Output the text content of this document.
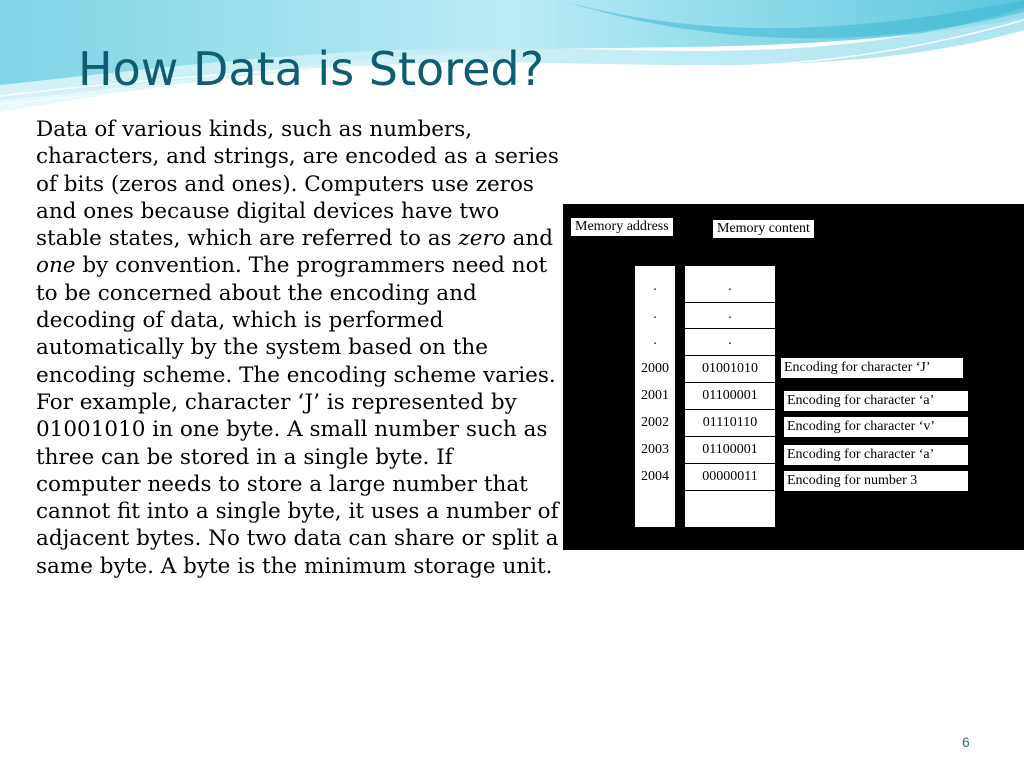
How Data is Stored?

Data of various kinds, such as numbers, characters, and strings, are encoded as a series of bits (zeros and ones). Computers use zeros and ones because digital devices have two stable states, which are referred to as zero and one by convention. The programmers need not to be concerned about the encoding and decoding of data, which is performed automatically by the system based on the encoding scheme. The encoding scheme varies. For example, character ‘J’ is represented by 01001010 in one byte. A small number such as three can be stored in a single byte. If computer needs to store a large number that cannot fit into a single byte, it uses a number of adjacent bytes. No two data can share or split a same byte. A byte is the minimum storage unit.

Memory address	Memory content
.
.
.
2000
2001
2002
2003
2004
.
.
.
01001010
01100001
01110110
01100001
00000011
Encoding for character ‘J’
Encoding for character ‘a’
Encoding for character ‘v’
Encoding for character ‘a’
Encoding for number 3

6
